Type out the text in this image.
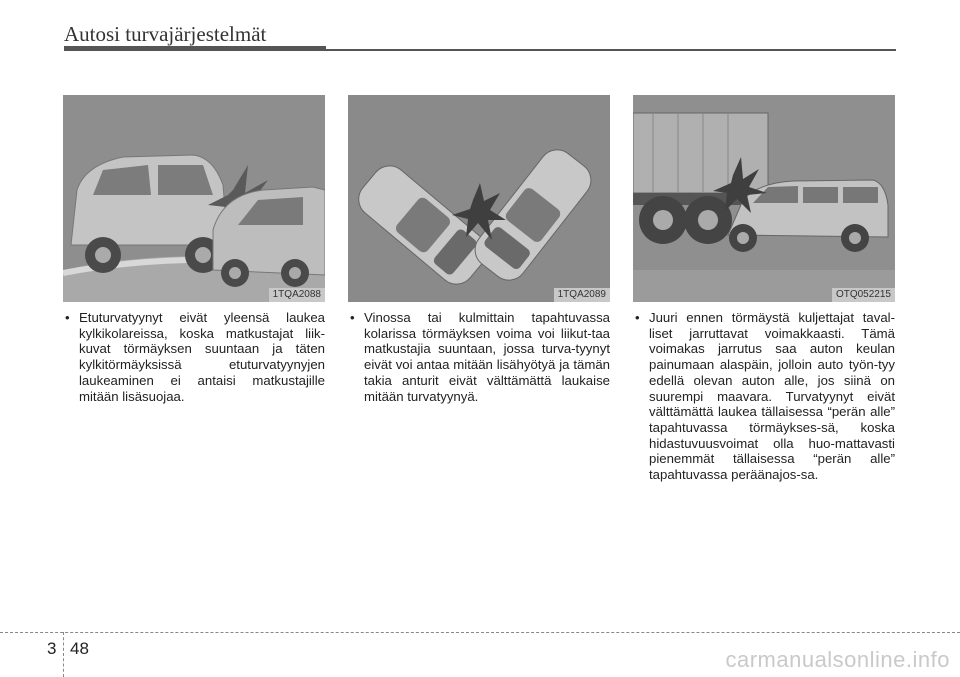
Autosi turvajärjestelmät
1TQA2088	1TQA2089	OTQ052215
• Etuturvatyynyt eivät yleensä laukea kylkikolareissa, koska matkustajat liik-kuvat törmäyksen suuntaan ja täten kylkitörmäyksissä etuturvatyynyjen laukeaminen ei antaisi matkustajille mitään lisäsuojaa.
• Vinossa tai kulmittain tapahtuvassa kolarissa törmäyksen voima voi liikut-taa matkustajia suuntaan, jossa turva-tyynyt eivät voi antaa mitään lisähyötyä ja tämän takia anturit eivät välttämättä laukaise mitään turvatyynyä.
• Juuri ennen törmäystä kuljettajat taval-liset jarruttavat voimakkaasti. Tämä voimakas jarrutus saa auton keulan painumaan alaspäin, jolloin auto työn-tyy edellä olevan auton alle, jos siinä on suurempi maavara. Turvatyynyt eivät välttämättä laukea tällaisessa “perän alle” tapahtuvassa törmäykses-sä, koska hidastuvuusvoimat olla huo-mattavasti pienemmät tällaisessa “perän alle” tapahtuvassa peräänajos-sa.
3 48	carmanualsonline.info
